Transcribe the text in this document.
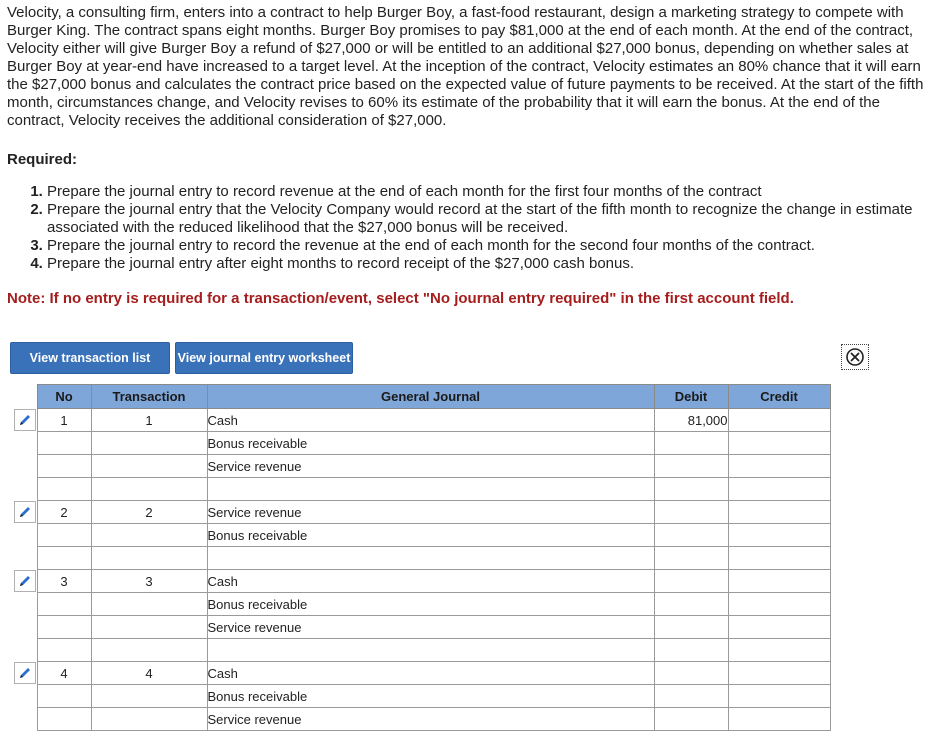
Velocity, a consulting firm, enters into a contract to help Burger Boy, a fast-food restaurant, design a marketing strategy to compete with Burger King. The contract spans eight months. Burger Boy promises to pay $81,000 at the end of each month. At the end of the contract, Velocity either will give Burger Boy a refund of $27,000 or will be entitled to an additional $27,000 bonus, depending on whether sales at Burger Boy at year-end have increased to a target level. At the inception of the contract, Velocity estimates an 80% chance that it will earn the $27,000 bonus and calculates the contract price based on the expected value of future payments to be received. At the start of the fifth month, circumstances change, and Velocity revises to 60% its estimate of the probability that it will earn the bonus. At the end of the contract, Velocity receives the additional consideration of $27,000.

Required:

1. Prepare the journal entry to record revenue at the end of each month for the first four months of the contract
2. Prepare the journal entry that the Velocity Company would record at the start of the fifth month to recognize the change in estimate associated with the reduced likelihood that the $27,000 bonus will be received.
3. Prepare the journal entry to record the revenue at the end of each month for the second four months of the contract.
4. Prepare the journal entry after eight months to record receipt of the $27,000 cash bonus.

Note: If no entry is required for a transaction/event, select "No journal entry required" in the first account field.

View transaction list	View journal entry worksheet
	No	Transaction	General Journal	Debit	Credit

	1	1	Cash	81,000	
			Bonus receivable		
			Service revenue		

	2	2	Service revenue		
			Bonus receivable		

	3	3	Cash		
			Bonus receivable		
			Service revenue		

	4	4	Cash		
			Bonus receivable		
			Service revenue		
